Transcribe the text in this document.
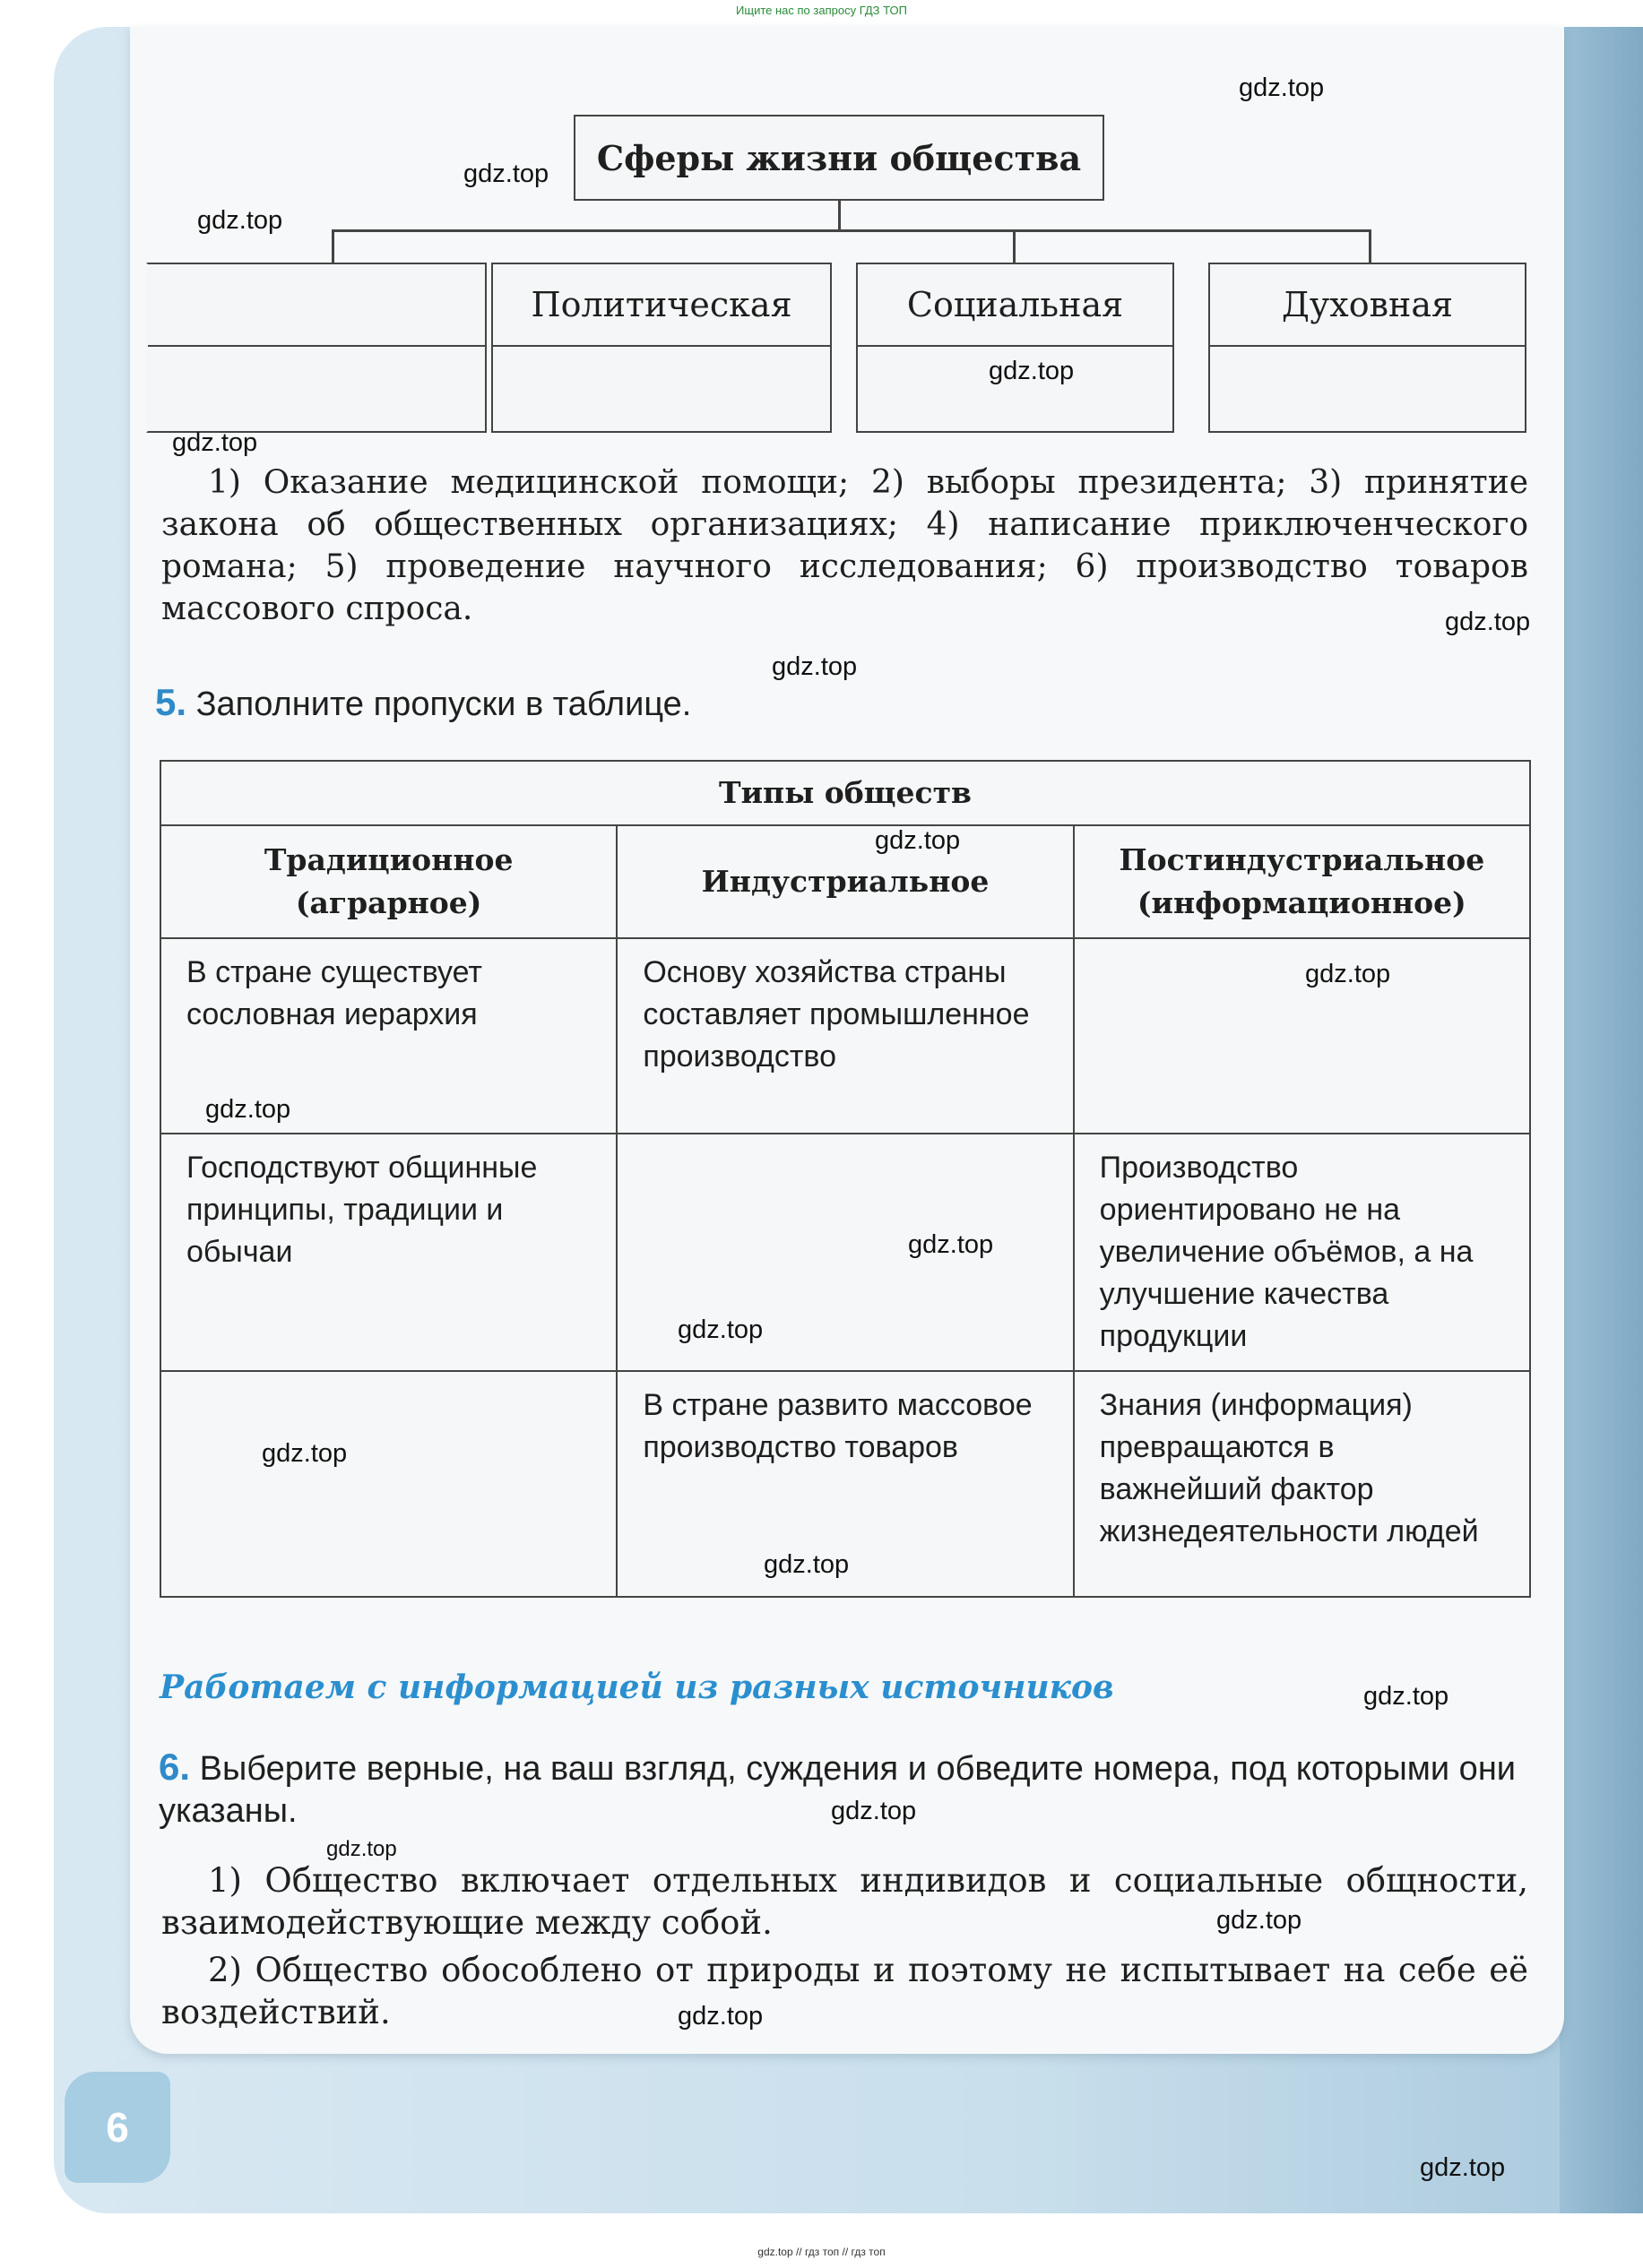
Ищите нас по запросу ГДЗ ТОП
Сферы жизни общества
Политическая	Социальная	Духовная
1) Оказание медицинской помощи; 2) выборы президента; 3) принятие закона об общественных организациях; 4) написание приключенческого романа; 5) проведение научного исследования; 6) производство товаров массового спроса.
5. Заполните пропуски в таблице.
Типы обществ		
Традиционное (аграрное)	Индустриальное	Постиндустриальное (информационное)
В стране существует сословная иерархия	Основу хозяйства страны составляет промышленное производство	
Господствуют общинные принципы, традиции и обычаи		Производство ориентировано не на увеличение объёмов, а на улучшение качества продукции
	В стране развито массовое производство товаров	Знания (информация) превращаются в важнейший фактор жизнедеятельности людей
Работаем с информацией из разных источников
6. Выберите верные, на ваш взгляд, суждения и обведите номера, под которыми они указаны.
1) Общество включает отдельных индивидов и социальные общности, взаимодействующие между собой.
2) Общество обособлено от природы и поэтому не испытывает на себе её воздействий.
6
gdz.top
gdz.top
gdz.top
gdz.top
gdz.top
gdz.top
gdz.top
gdz.top
gdz.top
gdz.top
gdz.top
gdz.top
gdz.top
gdz.top
gdz.top
gdz.top
gdz.top
gdz.top
gdz.top
gdz.top
gdz.top // гдз топ // гдз топ
